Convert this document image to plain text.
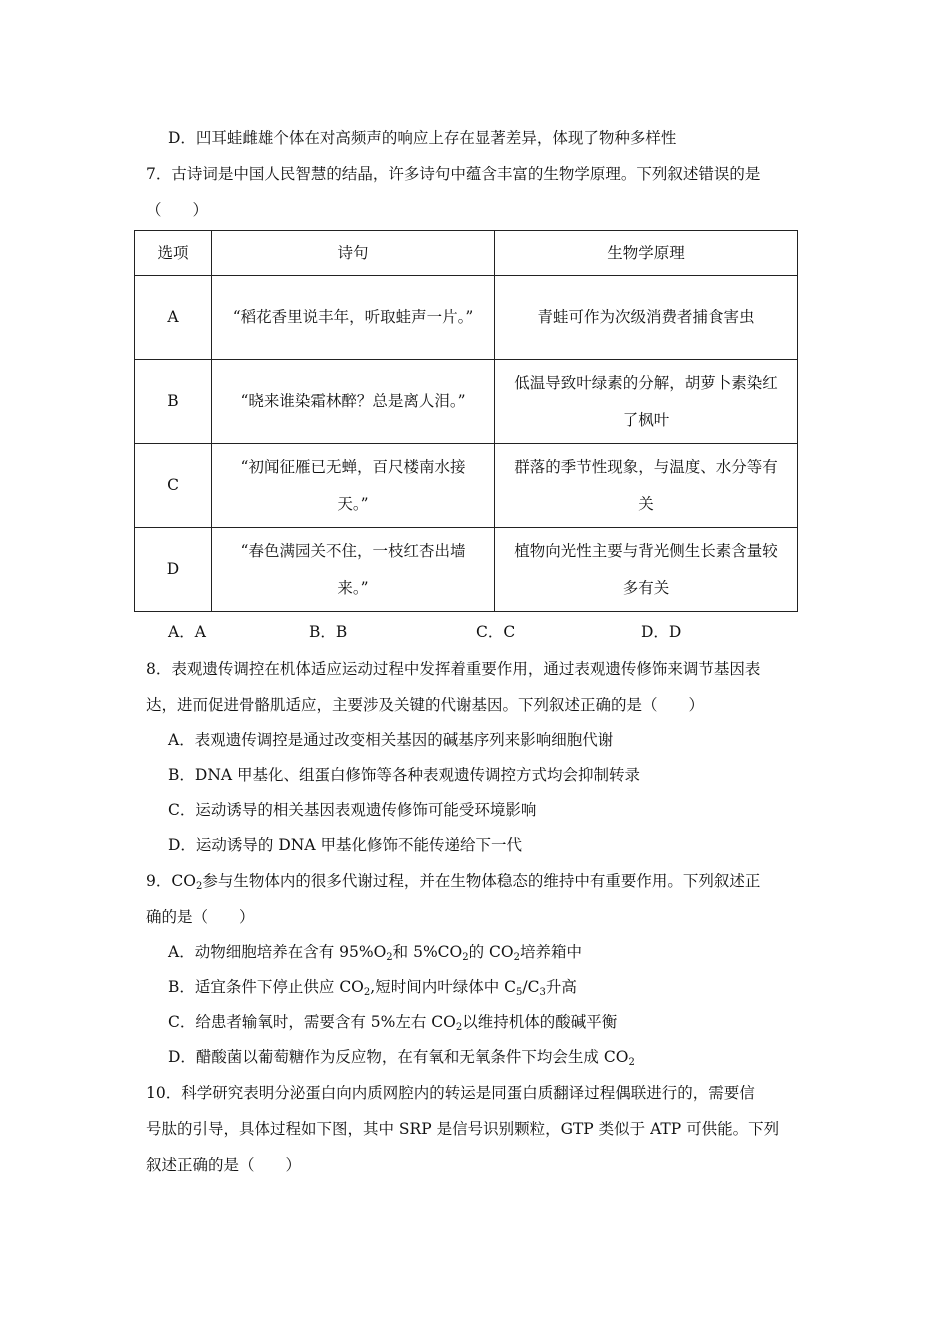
D．凹耳蛙雌雄个体在对高频声的响应上存在显著差异，体现了物种多样性
7．古诗词是中国人民智慧的结晶，许多诗句中蕴含丰富的生物学原理。下列叙述错误的是
（　　）
选项	诗句	生物学原理
A	“稻花香里说丰年，听取蛙声一片。”	青蛙可作为次级消费者捕食害虫
B	“晓来谁染霜林醉？总是离人泪。”	低温导致叶绿素的分解，胡萝卜素染红了枫叶
C	“初闻征雁已无蝉，百尺楼南水接天。”	群落的季节性现象，与温度、水分等有关
D	“春色满园关不住，一枝红杏出墙来。”	植物向光性主要与背光侧生长素含量较多有关
A．A	B．B	C．C	D．D
8．表观遗传调控在机体适应运动过程中发挥着重要作用，通过表观遗传修饰来调节基因表
达，进而促进骨骼肌适应，主要涉及关键的代谢基因。下列叙述正确的是（　　）
A．表观遗传调控是通过改变相关基因的碱基序列来影响细胞代谢
B．DNA 甲基化、组蛋白修饰等各种表观遗传调控方式均会抑制转录
C．运动诱导的相关基因表观遗传修饰可能受环境影响
D．运动诱导的 DNA 甲基化修饰不能传递给下一代
9．$CO_2$参与生物体内的很多代谢过程，并在生物体稳态的维持中有重要作用。下列叙述正
确的是（　　）
A．动物细胞培养在含有 $95\%O_2$和 $5\%CO_2$的 $CO_2$培养箱中
B．适宜条件下停止供应 $CO_2$,短时间内叶绿体中 $C_5/C_3$升高
C．给患者输氧时，需要含有 5%左右 $CO_2$以维持机体的酸碱平衡
D．醋酸菌以葡萄糖作为反应物，在有氧和无氧条件下均会生成 $CO_2$
10．科学研究表明分泌蛋白向内质网腔内的转运是同蛋白质翻译过程偶联进行的，需要信
号肽的引导，具体过程如下图，其中 SRP 是信号识别颗粒，GTP 类似于 ATP 可供能。下列
叙述正确的是（　　）
